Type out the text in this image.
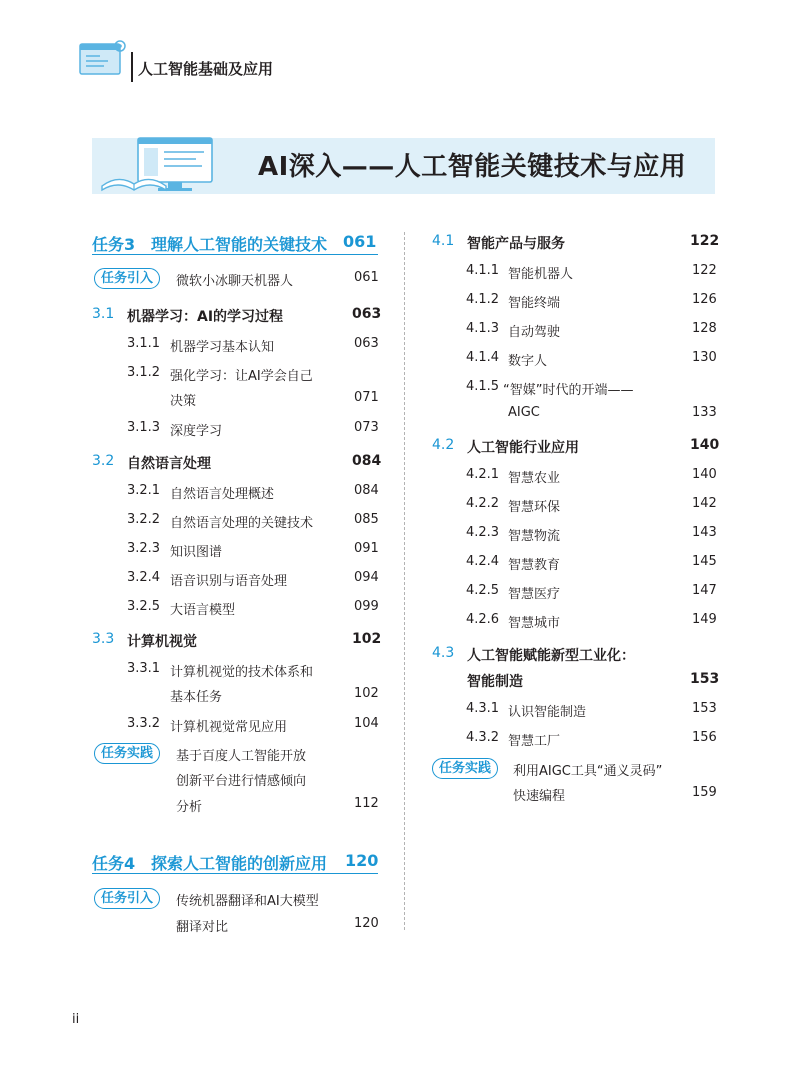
人工智能基础及应用
AI深入——人工智能关键技术与应用
任务3 理解人工智能的关键技术 061
任务引入	微软小冰聊天机器人	061
3.1 机器学习：AI的学习过程	063
3.1.1 机器学习基本认知	063
3.1.2 强化学习：让AI学会自己
决策	071
3.1.3 深度学习	073
3.2 自然语言处理	084
3.2.1 自然语言处理概述	084
3.2.2 自然语言处理的关键技术	085
3.2.3 知识图谱	091
3.2.4 语音识别与语音处理	094
3.2.5 大语言模型	099
3.3 计算机视觉	102
3.3.1 计算机视觉的技术体系和
基本任务	102
3.3.2 计算机视觉常见应用	104
任务实践	基于百度人工智能开放
创新平台进行情感倾向
分析	112
任务4 探索人工智能的创新应用 120
任务引入	传统机器翻译和AI大模型
翻译对比	120
4.1 智能产品与服务	122
4.1.1 智能机器人	122
4.1.2 智能终端	126
4.1.3 自动驾驶	128
4.1.4 数字人	130
4.1.5 “智媒”时代的开端——
AIGC	133
4.2 人工智能行业应用	140
4.2.1 智慧农业	140
4.2.2 智慧环保	142
4.2.3 智慧物流	143
4.2.4 智慧教育	145
4.2.5 智慧医疗	147
4.2.6 智慧城市	149
4.3 人工智能赋能新型工业化：
智能制造	153
4.3.1 认识智能制造	153
4.3.2 智慧工厂	156
任务实践	利用AIGC工具“通义灵码”
快速编程	159
ii
